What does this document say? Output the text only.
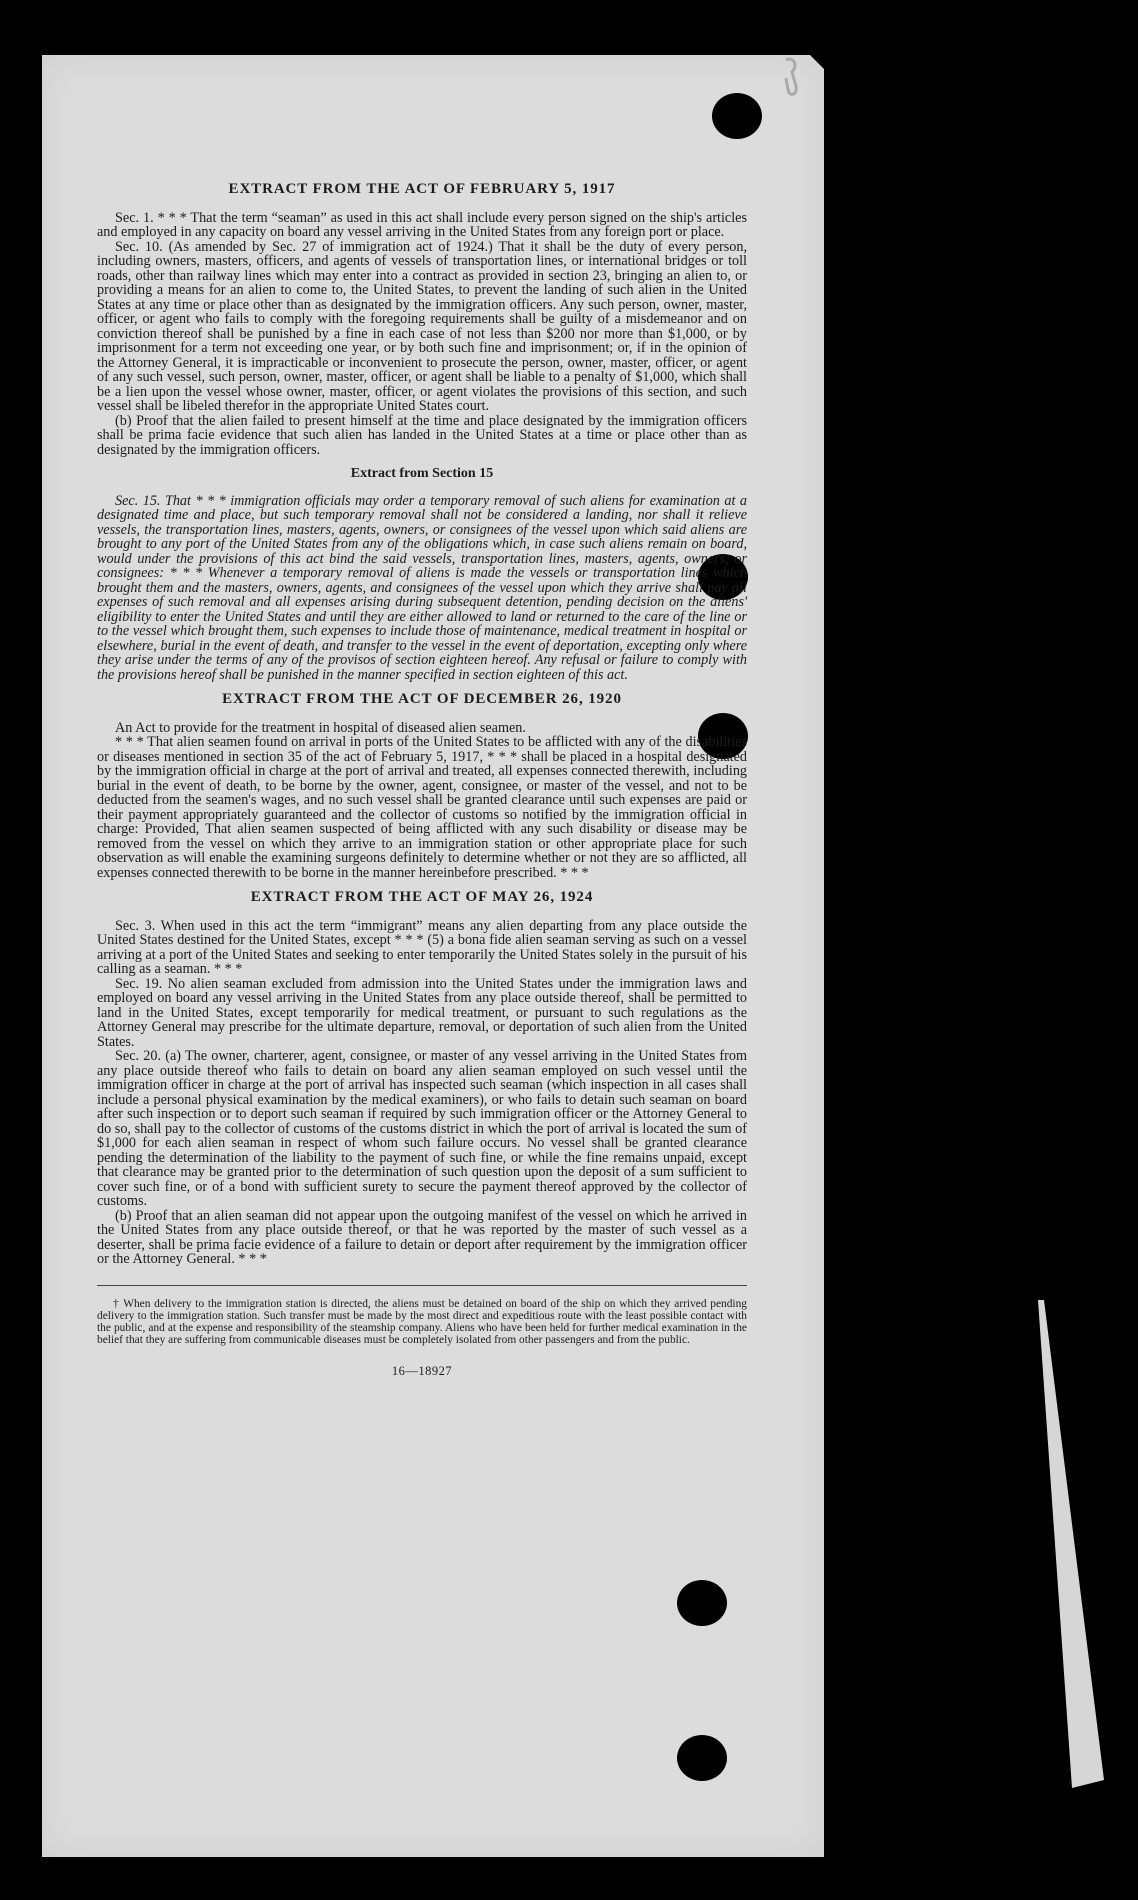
EXTRACT FROM THE ACT OF FEBRUARY 5, 1917

Sec. 1. * * * That the term “seaman” as used in this act shall include every person signed on the ship's articles and employed in any capacity on board any vessel arriving in the United States from any foreign port or place.

Sec. 10. (As amended by Sec. 27 of immigration act of 1924.) That it shall be the duty of every person, including owners, masters, officers, and agents of vessels of transportation lines, or international bridges or toll roads, other than railway lines which may enter into a contract as provided in section 23, bringing an alien to, or providing a means for an alien to come to, the United States, to prevent the landing of such alien in the United States at any time or place other than as designated by the immigration officers. Any such person, owner, master, officer, or agent who fails to comply with the foregoing requirements shall be guilty of a misdemeanor and on conviction thereof shall be punished by a fine in each case of not less than $200 nor more than $1,000, or by imprisonment for a term not exceeding one year, or by both such fine and imprisonment; or, if in the opinion of the Attorney General, it is impracticable or inconvenient to prosecute the person, owner, master, officer, or agent of any such vessel, such person, owner, master, officer, or agent shall be liable to a penalty of $1,000, which shall be a lien upon the vessel whose owner, master, officer, or agent violates the provisions of this section, and such vessel shall be libeled therefor in the appropriate United States court.

(b) Proof that the alien failed to present himself at the time and place designated by the immigration officers shall be prima facie evidence that such alien has landed in the United States at a time or place other than as designated by the immigration officers.

Extract from Section 15

Sec. 15. That * * * immigration officials may order a temporary removal of such aliens for examination at a designated time and place, but such temporary removal shall not be considered a landing, nor shall it relieve vessels, the transportation lines, masters, agents, owners, or consignees of the vessel upon which said aliens are brought to any port of the United States from any of the obligations which, in case such aliens remain on board, would under the provisions of this act bind the said vessels, transportation lines, masters, agents, owners, or consignees: * * * Whenever a temporary removal of aliens is made the vessels or transportation lines which brought them and the masters, owners, agents, and consignees of the vessel upon which they arrive shall pay all expenses of such removal and all expenses arising during subsequent detention, pending decision on the aliens' eligibility to enter the United States and until they are either allowed to land or returned to the care of the line or to the vessel which brought them, such expenses to include those of maintenance, medical treatment in hospital or elsewhere, burial in the event of death, and transfer to the vessel in the event of deportation, excepting only where they arise under the terms of any of the provisos of section eighteen hereof. Any refusal or failure to comply with the provisions hereof shall be punished in the manner specified in section eighteen of this act.

EXTRACT FROM THE ACT OF DECEMBER 26, 1920

An Act to provide for the treatment in hospital of diseased alien seamen.

* * * That alien seamen found on arrival in ports of the United States to be afflicted with any of the disabilities or diseases mentioned in section 35 of the act of February 5, 1917, * * * shall be placed in a hospital designated by the immigration official in charge at the port of arrival and treated, all expenses connected therewith, including burial in the event of death, to be borne by the owner, agent, consignee, or master of the vessel, and not to be deducted from the seamen's wages, and no such vessel shall be granted clearance until such expenses are paid or their payment appropriately guaranteed and the collector of customs so notified by the immigration official in charge: Provided, That alien seamen suspected of being afflicted with any such disability or disease may be removed from the vessel on which they arrive to an immigration station or other appropriate place for such observation as will enable the examining surgeons definitely to determine whether or not they are so afflicted, all expenses connected therewith to be borne in the manner hereinbefore prescribed. * * *

EXTRACT FROM THE ACT OF MAY 26, 1924

Sec. 3. When used in this act the term “immigrant” means any alien departing from any place outside the United States destined for the United States, except * * * (5) a bona fide alien seaman serving as such on a vessel arriving at a port of the United States and seeking to enter temporarily the United States solely in the pursuit of his calling as a seaman. * * *

Sec. 19. No alien seaman excluded from admission into the United States under the immigration laws and employed on board any vessel arriving in the United States from any place outside thereof, shall be permitted to land in the United States, except temporarily for medical treatment, or pursuant to such regulations as the Attorney General may prescribe for the ultimate departure, removal, or deportation of such alien from the United States.

Sec. 20. (a) The owner, charterer, agent, consignee, or master of any vessel arriving in the United States from any place outside thereof who fails to detain on board any alien seaman employed on such vessel until the immigration officer in charge at the port of arrival has inspected such seaman (which inspection in all cases shall include a personal physical examination by the medical examiners), or who fails to detain such seaman on board after such inspection or to deport such seaman if required by such immigration officer or the Attorney General to do so, shall pay to the collector of customs of the customs district in which the port of arrival is located the sum of $1,000 for each alien seaman in respect of whom such failure occurs. No vessel shall be granted clearance pending the determination of the liability to the payment of such fine, or while the fine remains unpaid, except that clearance may be granted prior to the determination of such question upon the deposit of a sum sufficient to cover such fine, or of a bond with sufficient surety to secure the payment thereof approved by the collector of customs.

(b) Proof that an alien seaman did not appear upon the outgoing manifest of the vessel on which he arrived in the United States from any place outside thereof, or that he was reported by the master of such vessel as a deserter, shall be prima facie evidence of a failure to detain or deport after requirement by the immigration officer or the Attorney General. * * *

† When delivery to the immigration station is directed, the aliens must be detained on board of the ship on which they arrived pending delivery to the immigration station. Such transfer must be made by the most direct and expeditious route with the least possible contact with the public, and at the expense and responsibility of the steamship company. Aliens who have been held for further medical examination in the belief that they are suffering from communicable diseases must be completely isolated from other passengers and from the public.

16—18927
